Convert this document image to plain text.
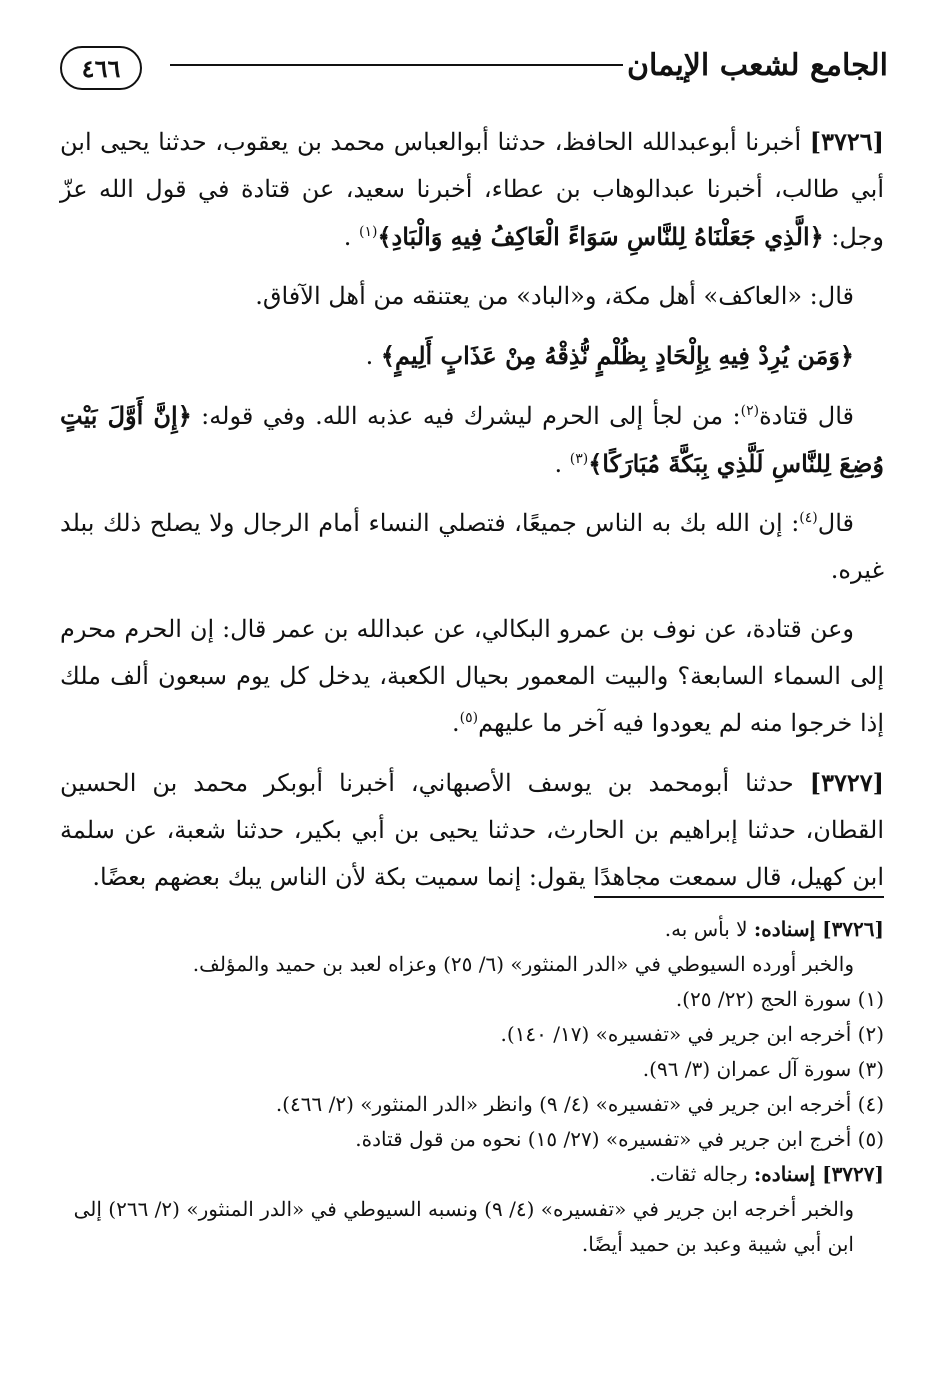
الجامع لشعب الإيمان
٤٦٦

[٣٧٢٦] أخبرنا أبوعبدالله الحافظ، حدثنا أبوالعباس محمد بن يعقوب، حدثنا يحيى ابن أبي طالب، أخبرنا عبدالوهاب بن عطاء، أخبرنا سعيد، عن قتادة في قول الله عزّ وجل: ﴿الَّذِي جَعَلْنَاهُ لِلنَّاسِ سَوَاءً الْعَاكِفُ فِيهِ وَالْبَادِ﴾$^{(١)}$ .

قال: «العاكف» أهل مكة، و«الباد» من يعتنقه من أهل الآفاق.

﴿وَمَن يُرِدْ فِيهِ بِإِلْحَادٍ بِظُلْمٍ نُّذِقْهُ مِنْ عَذَابٍ أَلِيمٍ﴾ .

قال قتادة$^{(٢)}$: من لجأ إلى الحرم ليشرك فيه عذبه الله. وفي قوله: ﴿إِنَّ أَوَّلَ بَيْتٍ وُضِعَ لِلنَّاسِ لَلَّذِي بِبَكَّةَ مُبَارَكًا﴾$^{(٣)}$ .

قال$^{(٤)}$: إن الله بك به الناس جميعًا، فتصلي النساء أمام الرجال ولا يصلح ذلك ببلد غيره.

وعن قتادة، عن نوف بن عمرو البكالي، عن عبدالله بن عمر قال: إن الحرم محرم إلى السماء السابعة؟ والبيت المعمور بحيال الكعبة، يدخل كل يوم سبعون ألف ملك إذا خرجوا منه لم يعودوا فيه آخر ما عليهم$^{(٥)}$.

[٣٧٢٧] حدثنا أبومحمد بن يوسف الأصبهاني، أخبرنا أبوبكر محمد بن الحسين القطان، حدثنا إبراهيم بن الحارث، حدثنا يحيى بن أبي بكير، حدثنا شعبة، عن سلمة ابن كهيل، قال سمعت مجاهدًا يقول: إنما سميت بكة لأن الناس يبك بعضهم بعضًا.

[٣٧٢٦] إسناده: لا بأس به.

والخبر أورده السيوطي في «الدر المنثور» (٦/ ٢٥) وعزاه لعبد بن حميد والمؤلف.

(١) سورة الحج (٢٢/ ٢٥).

(٢) أخرجه ابن جرير في «تفسيره» (١٧/ ١٤٠).

(٣) سورة آل عمران (٣/ ٩٦).

(٤) أخرجه ابن جرير في «تفسيره» (٤/ ٩) وانظر «الدر المنثور» (٢/ ٤٦٦).

(٥) أخرج ابن جرير في «تفسيره» (٢٧/ ١٥) نحوه من قول قتادة.

[٣٧٢٧] إسناده: رجاله ثقات.

والخبر أخرجه ابن جرير في «تفسيره» (٤/ ٩) ونسبه السيوطي في «الدر المنثور» (٢/ ٢٦٦) إلى ابن أبي شيبة وعبد بن حميد أيضًا.
